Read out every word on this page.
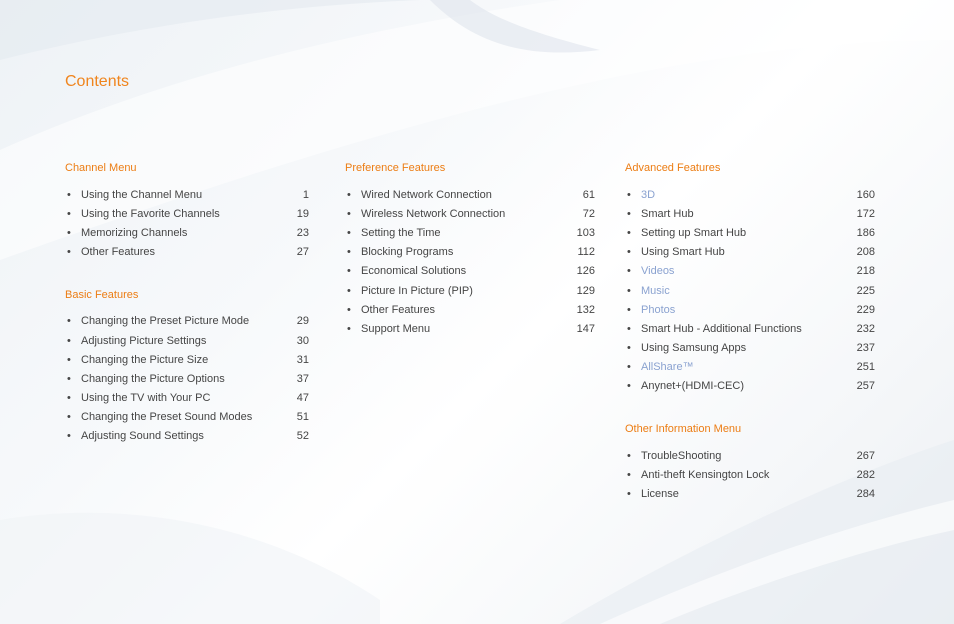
Contents
Channel Menu
• Using the Channel Menu	1
• Using the Favorite Channels	19
• Memorizing Channels	23
• Other Features	27
Basic Features
• Changing the Preset Picture Mode	29
• Adjusting Picture Settings	30
• Changing the Picture Size	31
• Changing the Picture Options	37
• Using the TV with Your PC	47
• Changing the Preset Sound Modes	51
• Adjusting Sound Settings	52
Preference Features
• Wired Network Connection	61
• Wireless Network Connection	72
• Setting the Time	103
• Blocking Programs	112
• Economical Solutions	126
• Picture In Picture (PIP)	129
• Other Features	132
• Support Menu	147
Advanced Features
• 3D	160
• Smart Hub	172
• Setting up Smart Hub	186
• Using Smart Hub	208
• Videos	218
• Music	225
• Photos	229
• Smart Hub - Additional Functions	232
• Using Samsung Apps	237
• AllShare™	251
• Anynet+(HDMI-CEC)	257
Other Information Menu
• TroubleShooting	267
• Anti-theft Kensington Lock	282
• License	284
